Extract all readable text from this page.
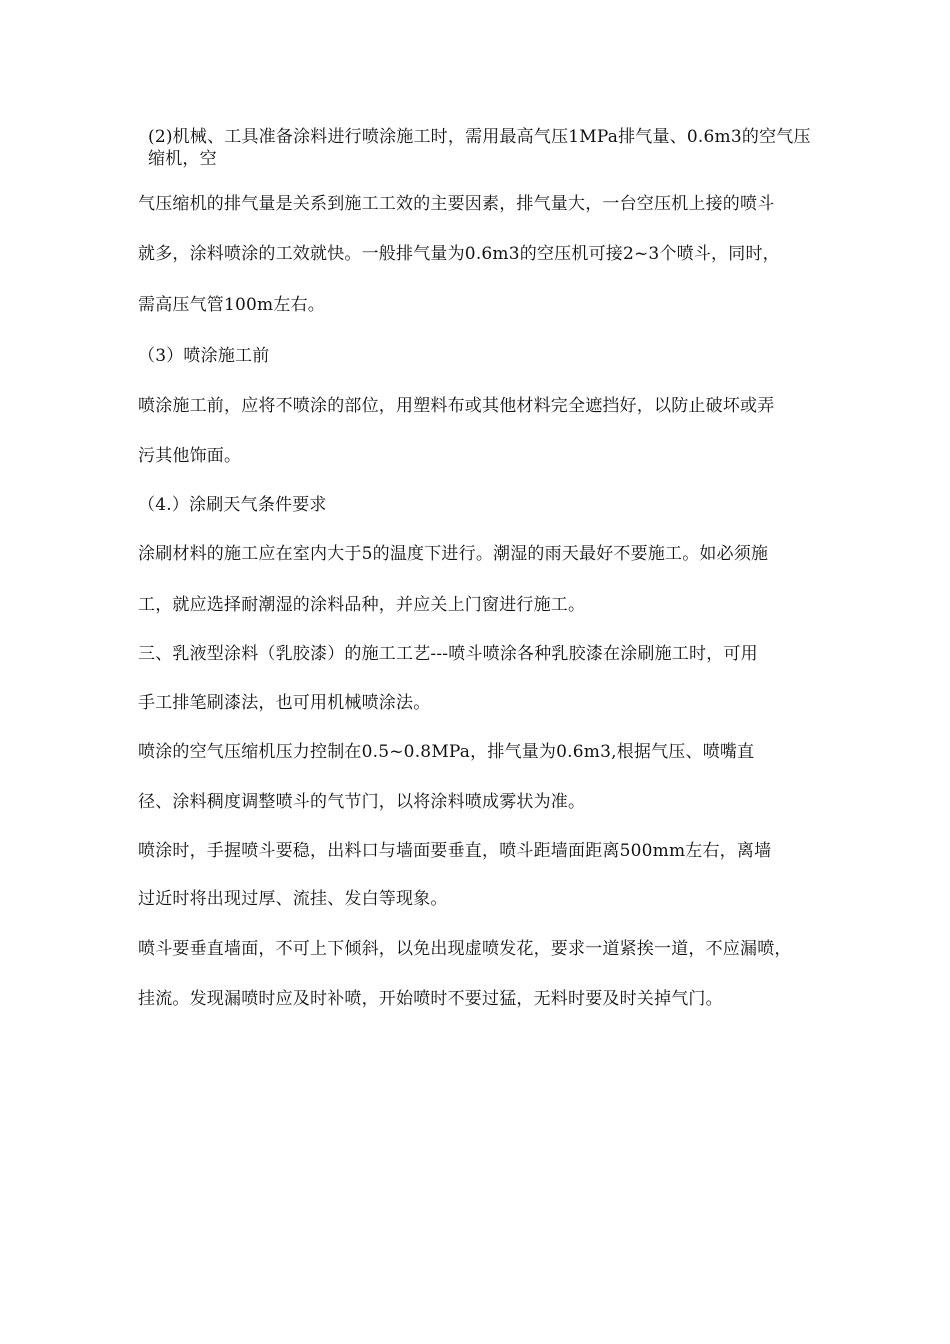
(2)机械、工具准备涂料进行喷涂施工时，需用最高气压1MPa排气量、0.6m3的空气压缩机，空
气压缩机的排气量是关系到施工工效的主要因素，排气量大，一台空压机上接的喷斗
就多，涂料喷涂的工效就快。一般排气量为0.6m3的空压机可接2~3个喷斗，同时，
需高压气管100m左右。
（3）喷涂施工前
喷涂施工前，应将不喷涂的部位，用塑料布或其他材料完全遮挡好，以防止破坏或弄
污其他饰面。
（4.）涂刷天气条件要求
涂刷材料的施工应在室内大于5的温度下进行。潮湿的雨天最好不要施工。如必须施
工，就应选择耐潮湿的涂料品种，并应关上门窗进行施工。
三、乳液型涂料（乳胶漆）的施工工艺---喷斗喷涂各种乳胶漆在涂刷施工时，可用
手工排笔刷漆法，也可用机械喷涂法。
喷涂的空气压缩机压力控制在0.5~0.8MPa，排气量为0.6m3,根据气压、喷嘴直
径、涂料稠度调整喷斗的气节门，以将涂料喷成雾状为准。
喷涂时，手握喷斗要稳，出料口与墙面要垂直，喷斗距墙面距离500mm左右，离墙
过近时将出现过厚、流挂、发白等现象。
喷斗要垂直墙面，不可上下倾斜，以免出现虚喷发花，要求一道紧挨一道，不应漏喷，
挂流。发现漏喷时应及时补喷，开始喷时不要过猛，无料时要及时关掉气门。
